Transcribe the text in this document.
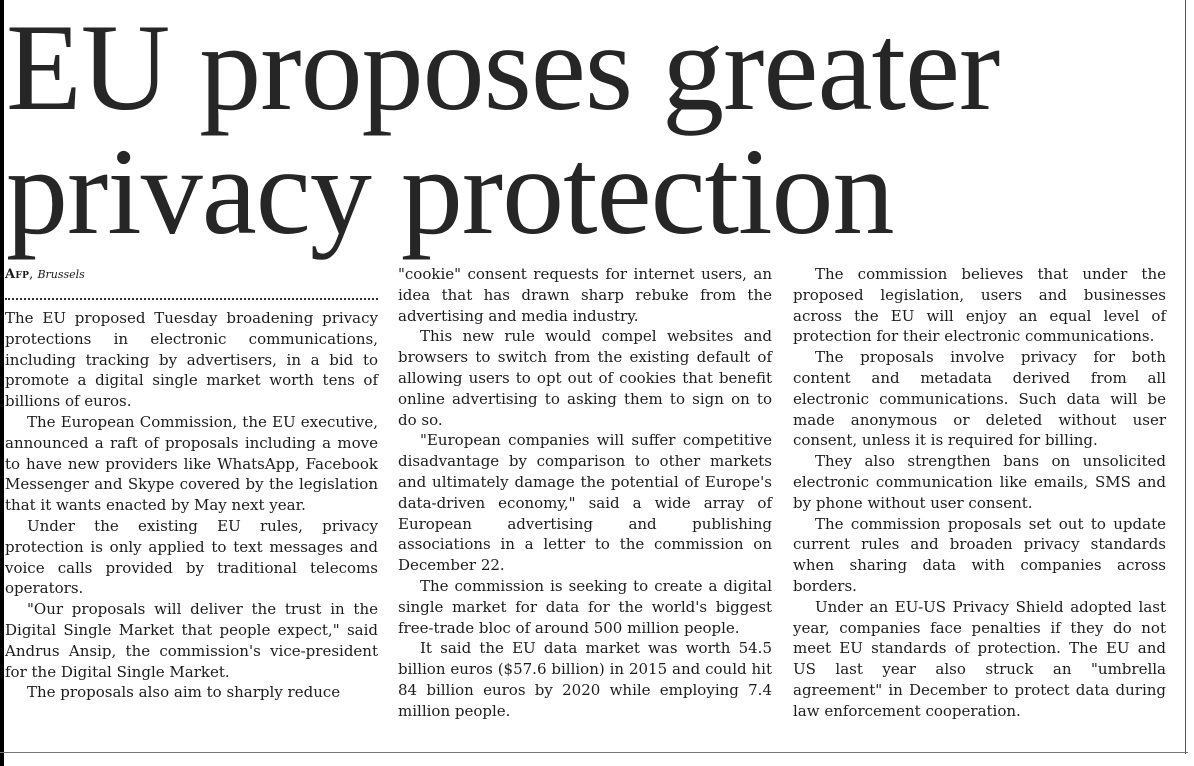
EU proposes greater
privacy protection
Afp, Brussels

The EU proposed Tuesday broadening privacy protections in electronic communications, including tracking by advertisers, in a bid to promote a digital single market worth tens of billions of euros.

The European Commission, the EU executive, announced a raft of proposals including a move to have new providers like WhatsApp, Facebook Messenger and Skype covered by the legislation that it wants enacted by May next year.

Under the existing EU rules, privacy protection is only applied to text messages and voice calls provided by traditional telecoms operators.

"Our proposals will deliver the trust in the Digital Single Market that people expect," said Andrus Ansip, the commission's vice-president for the Digital Single Market.

The proposals also aim to sharply reduce

"cookie" consent requests for internet users, an idea that has drawn sharp rebuke from the advertising and media industry.

This new rule would compel websites and browsers to switch from the existing default of allowing users to opt out of cookies that benefit online advertising to asking them to sign on to do so.

"European companies will suffer competitive disadvantage by comparison to other markets and ultimately damage the potential of Europe's data-driven economy," said a wide array of European advertising and publishing associations in a letter to the commission on December 22.

The commission is seeking to create a digital single market for data for the world's biggest free-trade bloc of around 500 million people.

It said the EU data market was worth 54.5 billion euros ($57.6 billion) in 2015 and could hit 84 billion euros by 2020 while employing 7.4 million people.

The commission believes that under the proposed legislation, users and businesses across the EU will enjoy an equal level of protection for their electronic communications.

The proposals involve privacy for both content and metadata derived from all electronic communications. Such data will be made anonymous or deleted without user consent, unless it is required for billing.

They also strengthen bans on unsolicited electronic communication like emails, SMS and by phone without user consent.

The commission proposals set out to update current rules and broaden privacy standards when sharing data with companies across borders.

Under an EU-US Privacy Shield adopted last year, companies face penalties if they do not meet EU standards of protection. The EU and US last year also struck an "umbrella agreement" in December to protect data during law enforcement cooperation.
